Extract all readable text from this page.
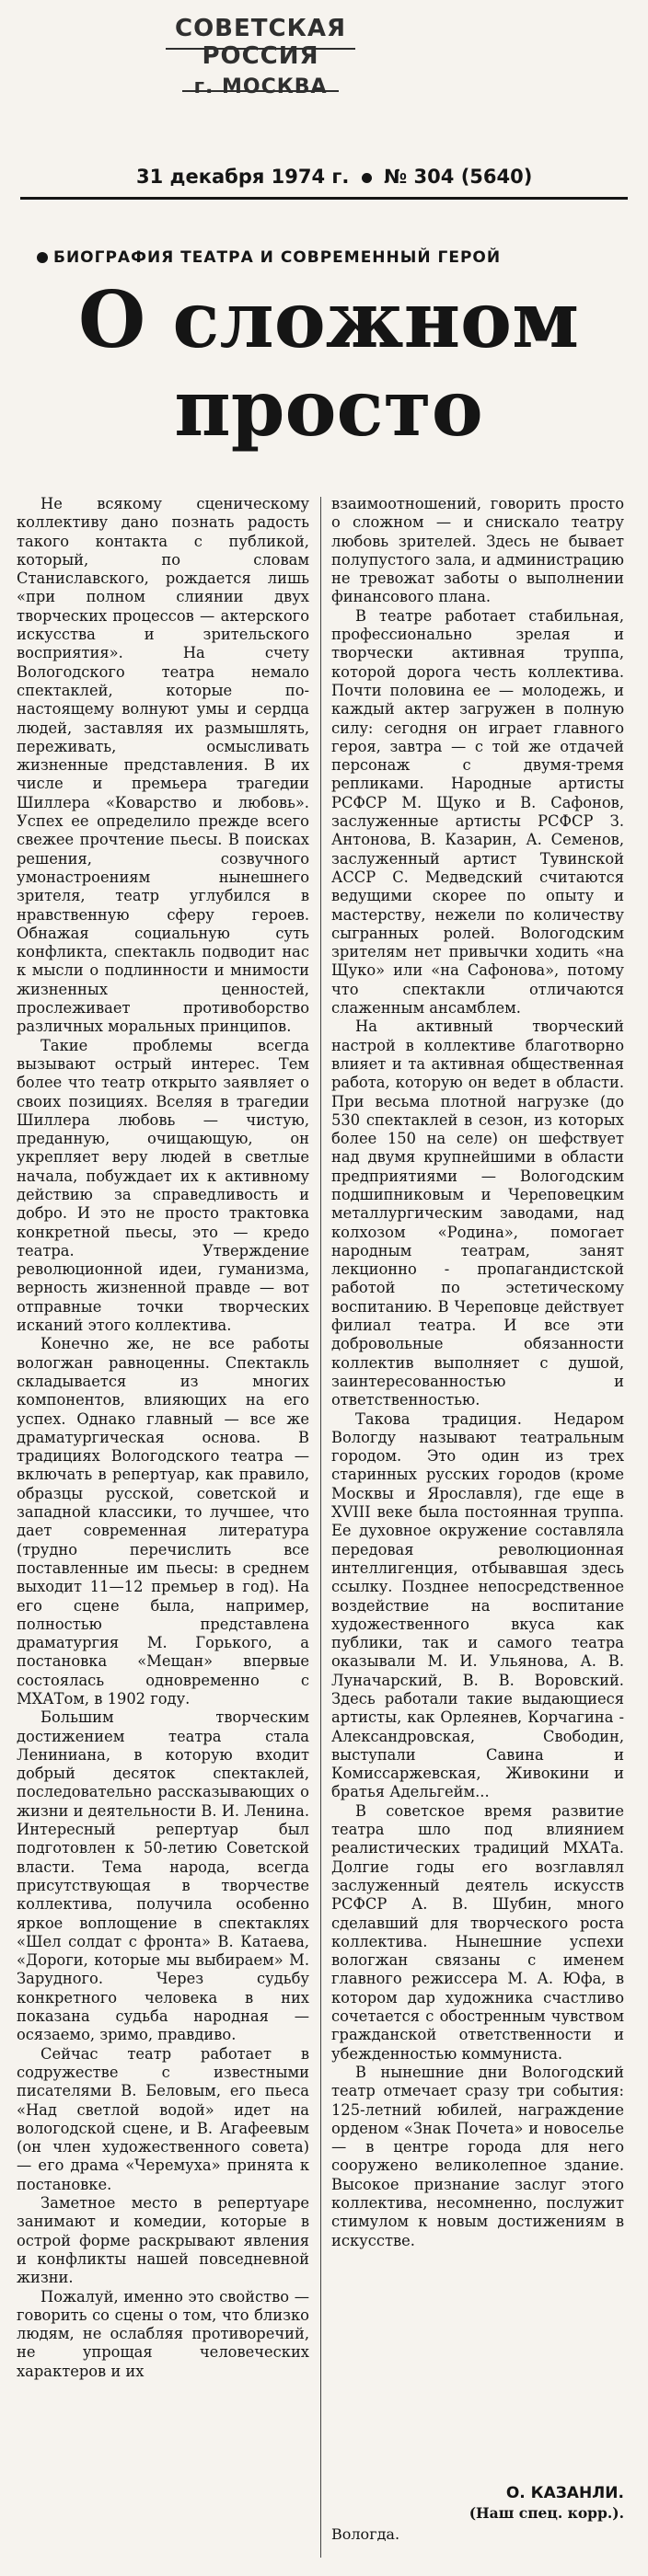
СОВЕТСКАЯ РОССИЯ
г. МОСКВА
31 декабря 1974 г. № 304 (5640)
БИОГРАФИЯ ТЕАТРА И СОВРЕМЕННЫЙ ГЕРОЙ
О сложном
просто

Не всякому сценическому коллективу дано познать радость такого контакта с публикой, который, по словам Станиславского, рождается лишь «при полном слиянии двух творческих процессов — актерского искусства и зрительского восприятия». На счету Вологодского театра немало спектаклей, которые по-настоящему волнуют умы и сердца людей, заставляя их размышлять, переживать, осмысливать жизненные представления. В их числе и премьера трагедии Шиллера «Коварство и любовь». Успех ее определило прежде всего свежее прочтение пьесы. В поисках решения, созвучного умонастроениям нынешнего зрителя, театр углубился в нравственную сферу героев. Обнажая социальную суть конфликта, спектакль подводит нас к мысли о подлинности и мнимости жизненных ценностей, прослеживает противоборство различных моральных принципов.

Такие проблемы всегда вызывают острый интерес. Тем более что театр открыто заявляет о своих позициях. Вселяя в трагедии Шиллера любовь — чистую, преданную, очищающую, он укрепляет веру людей в светлые начала, побуждает их к активному действию за справедливость и добро. И это не просто трактовка конкретной пьесы, это — кредо театра. Утверждение революционной идеи, гуманизма, верность жизненной правде — вот отправные точки творческих исканий этого коллектива.

Конечно же, не все работы вологжан равноценны. Спектакль складывается из многих компонентов, влияющих на его успех. Однако главный — все же драматургическая основа. В традициях Вологодского театра — включать в репертуар, как правило, образцы русской, советской и западной классики, то лучшее, что дает современная литература (трудно перечислить все поставленные им пьесы: в среднем выходит 11—12 премьер в год). На его сцене была, например, полностью представлена драматургия М. Горького, а постановка «Мещан» впервые состоялась одновременно с МХАТом, в 1902 году.

Большим творческим достижением театра стала Лениниана, в которую входит добрый десяток спектаклей, последовательно рассказывающих о жизни и деятельности В. И. Ленина. Интересный репертуар был подготовлен к 50-летию Советской власти. Тема народа, всегда присутствующая в творчестве коллектива, получила особенно яркое воплощение в спектаклях «Шел солдат с фронта» В. Катаева, «Дороги, которые мы выбираем» М. Зарудного. Через судьбу конкретного человека в них показана судьба народная — осязаемо, зримо, правдиво.

Сейчас театр работает в содружестве с известными писателями В. Беловым, его пьеса «Над светлой водой» идет на вологодской сцене, и В. Агафеевым (он член художественного совета) — его драма «Черемуха» принята к постановке.

Заметное место в репертуаре занимают и комедии, которые в острой форме раскрывают явления и конфликты нашей повседневной жизни.

Пожалуй, именно это свойство — говорить со сцены о том, что близко людям, не ослабляя противоречий, не упрощая человеческих характеров и их

взаимоотношений, говорить просто о сложном — и снискало театру любовь зрителей. Здесь не бывает полупустого зала, и администрацию не тревожат заботы о выполнении финансового плана.

В театре работает стабильная, профессионально зрелая и творчески активная труппа, которой дорога честь коллектива. Почти половина ее — молодежь, и каждый актер загружен в полную силу: сегодня он играет главного героя, завтра — с той же отдачей персонаж с двумя-тремя репликами. Народные артисты РСФСР М. Щуко и В. Сафонов, заслуженные артисты РСФСР З. Антонова, В. Казарин, А. Семенов, заслуженный артист Тувинской АССР С. Медведский считаются ведущими скорее по опыту и мастерству, нежели по количеству сыгранных ролей. Вологодским зрителям нет привычки ходить «на Щуко» или «на Сафонова», потому что спектакли отличаются слаженным ансамблем.

На активный творческий настрой в коллективе благотворно влияет и та активная общественная работа, которую он ведет в области. При весьма плотной нагрузке (до 530 спектаклей в сезон, из которых более 150 на селе) он шефствует над двумя крупнейшими в области предприятиями — Вологодским подшипниковым и Череповецким металлургическим заводами, над колхозом «Родина», помогает народным театрам, занят лекционно - пропагандистской работой по эстетическому воспитанию. В Череповце действует филиал театра. И все эти добровольные обязанности коллектив выполняет с душой, заинтересованностью и ответственностью.

Такова традиция. Недаром Вологду называют театральным городом. Это один из трех старинных русских городов (кроме Москвы и Ярославля), где еще в XVIII веке была постоянная труппа. Ее духовное окружение составляла передовая революционная интеллигенция, отбывавшая здесь ссылку. Позднее непосредственное воздействие на воспитание художественного вкуса как публики, так и самого театра оказывали М. И. Ульянова, А. В. Луначарский, В. В. Воровский. Здесь работали такие выдающиеся артисты, как Орлеянев, Корчагина - Александровская, Свободин, выступали Савина и Комиссаржевская, Живокини и братья Адельгейм...

В советское время развитие театра шло под влиянием реалистических традиций МХАТа. Долгие годы его возглавлял заслуженный деятель искусств РСФСР А. В. Шубин, много сделавший для творческого роста коллектива. Нынешние успехи вологжан связаны с именем главного режиссера М. А. Юфа, в котором дар художника счастливо сочетается с обостренным чувством гражданской ответственности и убежденностью коммуниста.

В нынешние дни Вологодский театр отмечает сразу три события: 125-летний юбилей, награждение орденом «Знак Почета» и новоселье — в центре города для него сооружено великолепное здание. Высокое признание заслуг этого коллектива, несомненно, послужит стимулом к новым достижениям в искусстве.

О. КАЗАНЛИ.
(Наш спец. корр.).
Вологда.
